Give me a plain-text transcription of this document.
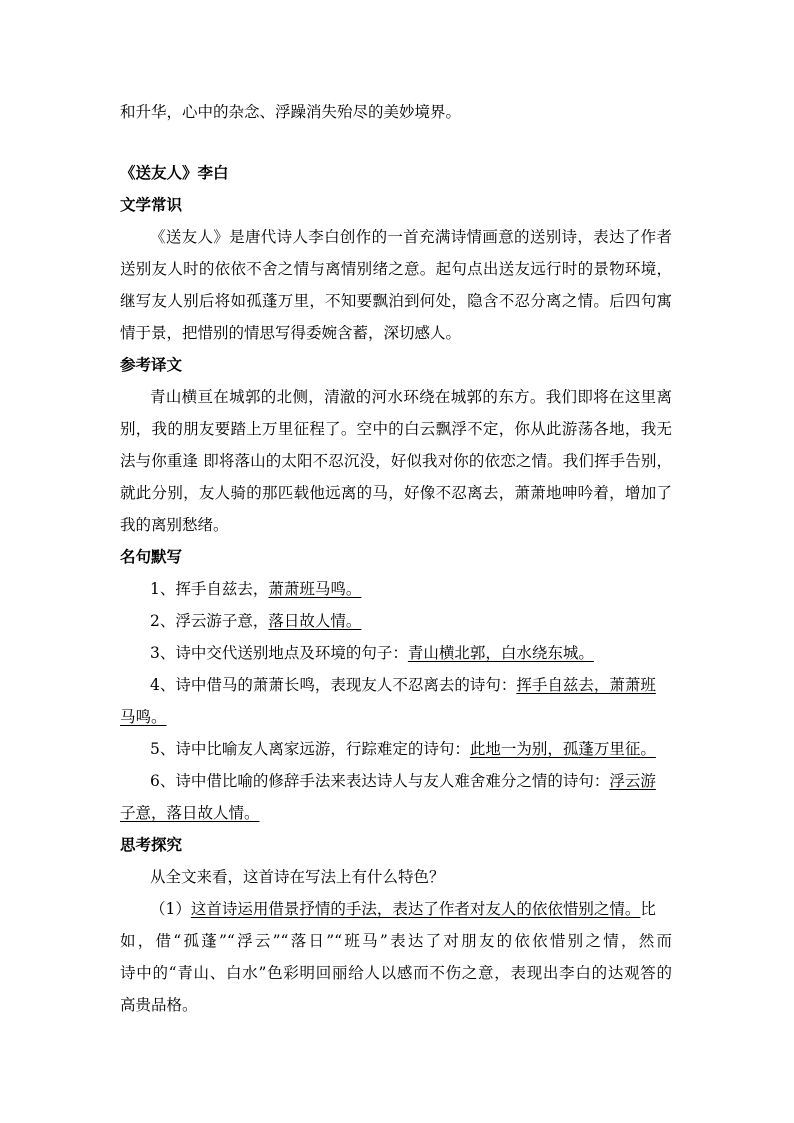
和升华，心中的杂念、浮躁消失殆尽的美妙境界。
《送友人》李白
文学常识
《送友人》是唐代诗人李白创作的一首充满诗情画意的送别诗，表达了作者
送别友人时的依依不舍之情与离情别绪之意。起句点出送友远行时的景物环境，
继写友人别后将如孤蓬万里，不知要飘泊到何处，隐含不忍分离之情。后四句寓
情于景，把惜别的情思写得委婉含蓄，深切感人。
参考译文
青山横亘在城郭的北侧，清澈的河水环绕在城郭的东方。我们即将在这里离
别，我的朋友要踏上万里征程了。空中的白云飘浮不定，你从此游荡各地，我无
法与你重逢 即将落山的太阳不忍沉没，好似我对你的依恋之情。我们挥手告别，
就此分别，友人骑的那匹载他远离的马，好像不忍离去，萧萧地呻吟着，增加了
我的离别愁绪。
名句默写
1、挥手自兹去，萧萧班马鸣。
2、浮云游子意，落日故人情。
3、诗中交代送别地点及环境的句子：青山横北郭，白水绕东城。
4、诗中借马的萧萧长鸣，表现友人不忍离去的诗句：挥手自兹去，萧萧班
马鸣。
5、诗中比喻友人离家远游，行踪难定的诗句：此地一为别，孤蓬万里征。
6、诗中借比喻的修辞手法来表达诗人与友人难舍难分之情的诗句：浮云游
子意，落日故人情。
思考探究
从全文来看，这首诗在写法上有什么特色？
（1）这首诗运用借景抒情的手法，表达了作者对友人的依依惜别之情。比
如，借“孤蓬”“浮云”“落日”“班马”表达了对朋友的依依惜别之情，然而
诗中的“青山、白水”色彩明回丽给人以感而不伤之意，表现出李白的达观答的
高贵品格。
